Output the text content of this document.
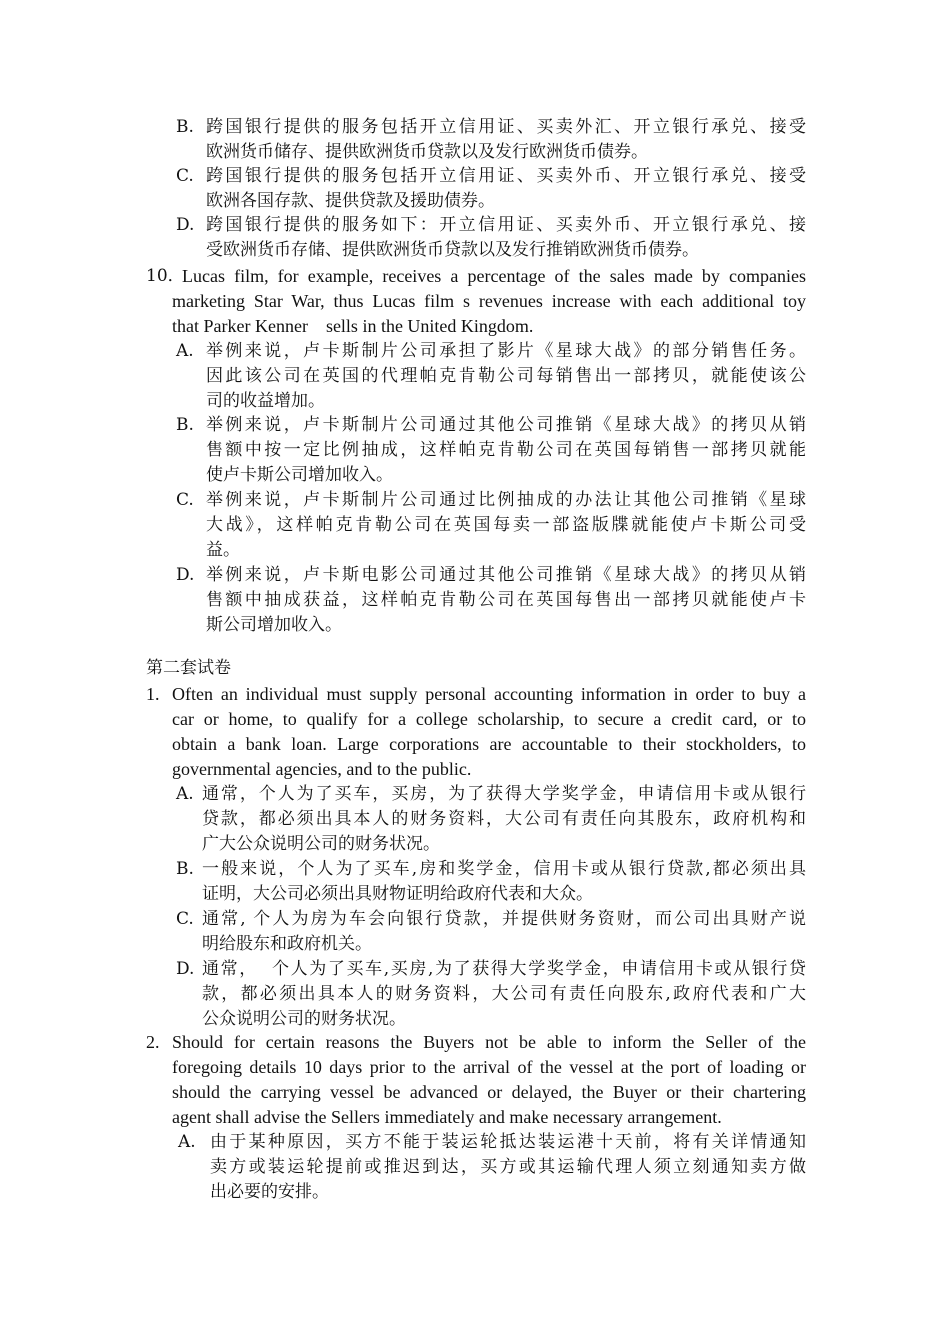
B. 跨国银行提供的服务包括开立信用证、买卖外汇、开立银行承兑、接受
欧洲货币储存、提供欧洲货币贷款以及发行欧洲货币债券。
C. 跨国银行提供的服务包括开立信用证、买卖外币、开立银行承兑、接受
欧洲各国存款、提供贷款及援助债券。
D. 跨国银行提供的服务如下：开立信用证、买卖外币、开立银行承兑、接
受欧洲货币存储、提供欧洲货币贷款以及发行推销欧洲货币债券。
10．
Lucas film, for example, receives a percentage of the sales made by companies
marketing Star War, thus Lucas film s revenues increase with each additional toy
that Parker Kenner    sells in the United Kingdom.
A. 举例来说，卢卡斯制片公司承担了影片《星球大战》的部分销售任务。
因此该公司在英国的代理帕克肯勒公司每销售出一部拷贝，就能使该公
司的收益增加。
B. 举例来说，卢卡斯制片公司通过其他公司推销《星球大战》的拷贝从销
售额中按一定比例抽成，这样帕克肯勒公司在英国每销售一部拷贝就能
使卢卡斯公司增加收入。
C. 举例来说，卢卡斯制片公司通过比例抽成的办法让其他公司推销《星球
大战》，这样帕克肯勒公司在英国每卖一部盗版牒就能使卢卡斯公司受
益。
D. 举例来说，卢卡斯电影公司通过其他公司推销《星球大战》的拷贝从销
售额中抽成获益，这样帕克肯勒公司在英国每售出一部拷贝就能使卢卡
斯公司增加收入。
第二套试卷
1. Often an individual must supply personal accounting information in order to buy a
car or home, to qualify for a college scholarship, to secure a credit card, or to
obtain a bank loan. Large corporations are accountable to their stockholders, to
governmental agencies, and to the public.
A. 通常，个人为了买车，买房，为了获得大学奖学金，申请信用卡或从银行
贷款，都必须出具本人的财务资料，大公司有责任向其股东，政府机构和
广大公众说明公司的财务状况。
B. 一般来说，个人为了买车,房和奖学金，信用卡或从银行贷款,都必须出具
证明，大公司必须出具财物证明给政府代表和大众。
C. 通常, 个人为房为车会向银行贷款，并提供财务资财，而公司出具财产说
明给股东和政府机关。
D. 通常，  个人为了买车,买房,为了获得大学奖学金，申请信用卡或从银行贷
款，都必须出具本人的财务资料，大公司有责任向股东,政府代表和广大
公众说明公司的财务状况。
2. Should for certain reasons the Buyers not be able to inform the Seller of the
foregoing details 10 days prior to the arrival of the vessel at the port of loading or
should the carrying vessel be advanced or delayed, the Buyer or their chartering
agent shall advise the Sellers immediately and make necessary arrangement.
A. 由于某种原因，买方不能于装运轮抵达装运港十天前，将有关详情通知
卖方或装运轮提前或推迟到达，买方或其运输代理人须立刻通知卖方做
出必要的安排。
